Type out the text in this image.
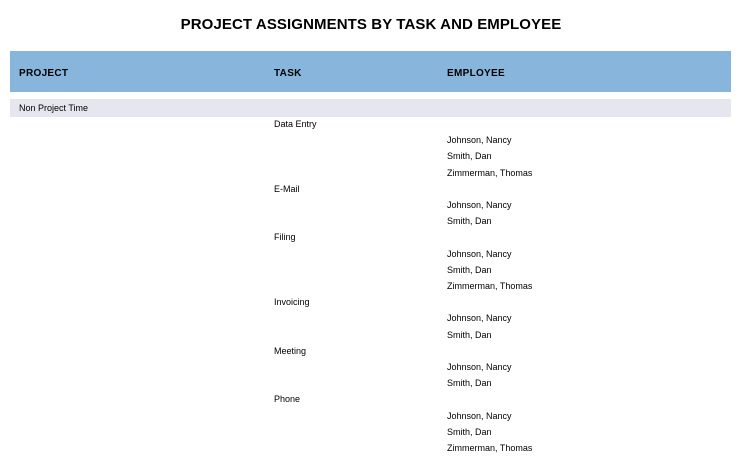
PROJECT ASSIGNMENTS BY TASK AND EMPLOYEE
PROJECT	TASK	EMPLOYEE
Non Project Time
Data Entry
Johnson, Nancy
Smith, Dan
Zimmerman, Thomas
E-Mail
Johnson, Nancy
Smith, Dan
Filing
Johnson, Nancy
Smith, Dan
Zimmerman, Thomas
Invoicing
Johnson, Nancy
Smith, Dan
Meeting
Johnson, Nancy
Smith, Dan
Phone
Johnson, Nancy
Smith, Dan
Zimmerman, Thomas
